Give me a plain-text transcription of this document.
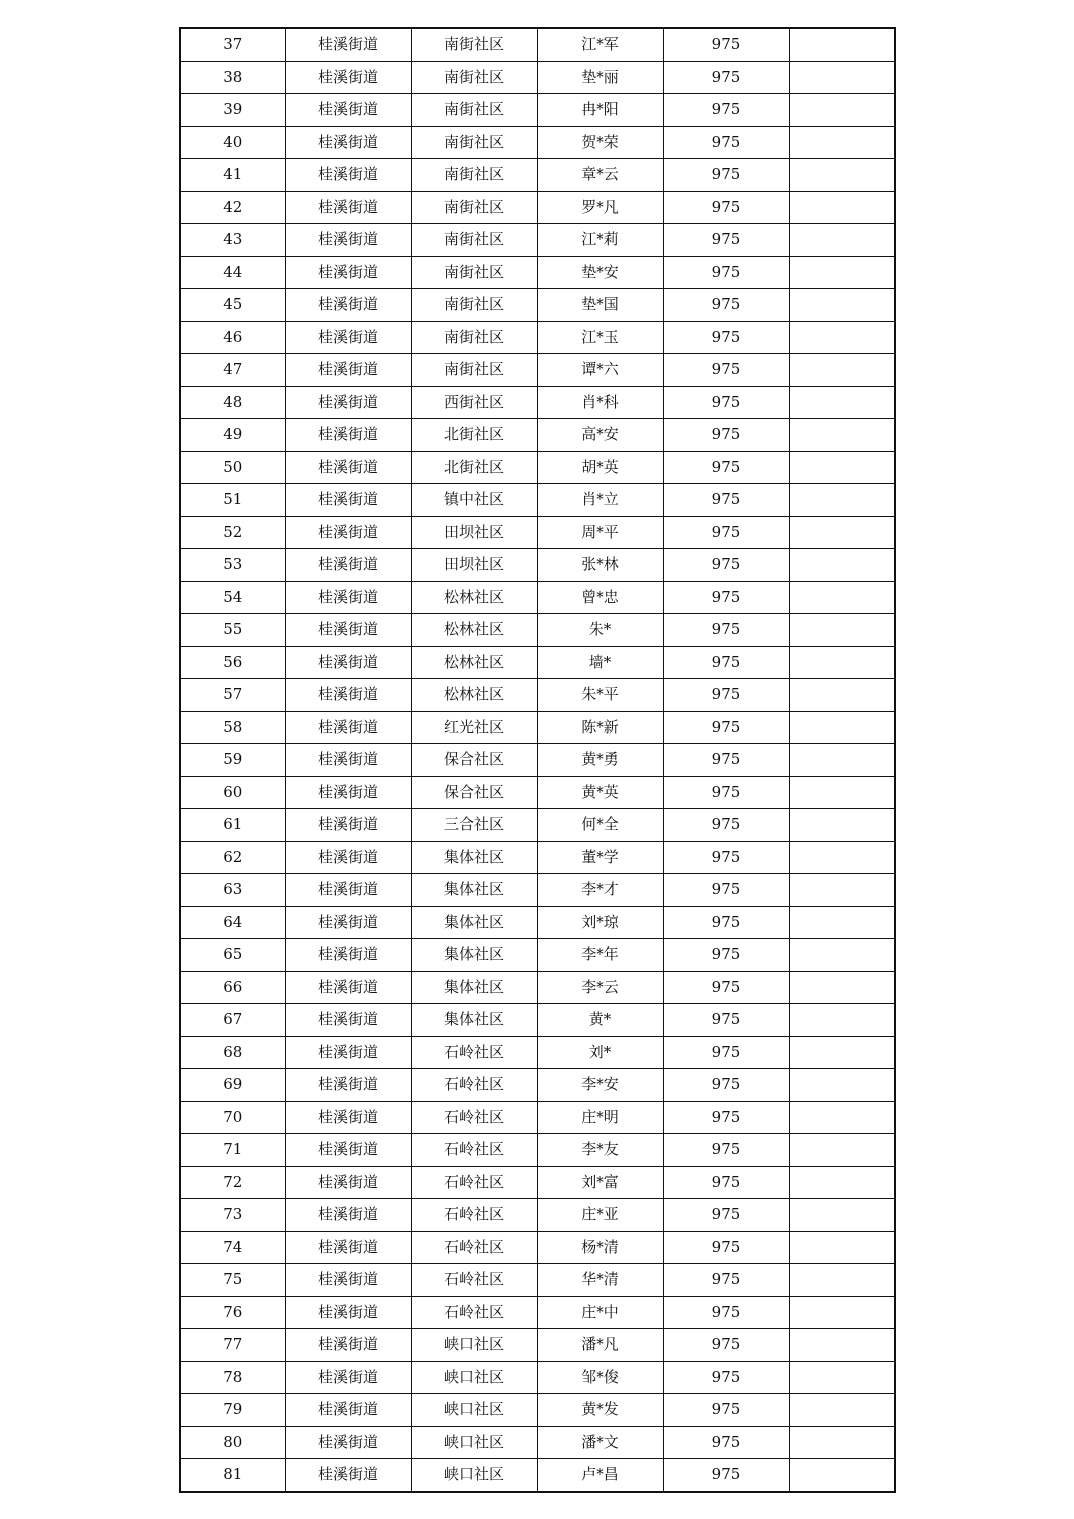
37	桂溪街道	南街社区	江*军	975	
38	桂溪街道	南街社区	垫*丽	975	
39	桂溪街道	南街社区	冉*阳	975	
40	桂溪街道	南街社区	贺*荣	975	
41	桂溪街道	南街社区	章*云	975	
42	桂溪街道	南街社区	罗*凡	975	
43	桂溪街道	南街社区	江*莉	975	
44	桂溪街道	南街社区	垫*安	975	
45	桂溪街道	南街社区	垫*国	975	
46	桂溪街道	南街社区	江*玉	975	
47	桂溪街道	南街社区	谭*六	975	
48	桂溪街道	西街社区	肖*科	975	
49	桂溪街道	北街社区	高*安	975	
50	桂溪街道	北街社区	胡*英	975	
51	桂溪街道	镇中社区	肖*立	975	
52	桂溪街道	田坝社区	周*平	975	
53	桂溪街道	田坝社区	张*林	975	
54	桂溪街道	松林社区	曾*忠	975	
55	桂溪街道	松林社区	朱*	975	
56	桂溪街道	松林社区	墙*	975	
57	桂溪街道	松林社区	朱*平	975	
58	桂溪街道	红光社区	陈*新	975	
59	桂溪街道	保合社区	黄*勇	975	
60	桂溪街道	保合社区	黄*英	975	
61	桂溪街道	三合社区	何*全	975	
62	桂溪街道	集体社区	董*学	975	
63	桂溪街道	集体社区	李*才	975	
64	桂溪街道	集体社区	刘*琼	975	
65	桂溪街道	集体社区	李*年	975	
66	桂溪街道	集体社区	李*云	975	
67	桂溪街道	集体社区	黄*	975	
68	桂溪街道	石岭社区	刘*	975	
69	桂溪街道	石岭社区	李*安	975	
70	桂溪街道	石岭社区	庄*明	975	
71	桂溪街道	石岭社区	李*友	975	
72	桂溪街道	石岭社区	刘*富	975	
73	桂溪街道	石岭社区	庄*亚	975	
74	桂溪街道	石岭社区	杨*清	975	
75	桂溪街道	石岭社区	华*清	975	
76	桂溪街道	石岭社区	庄*中	975	
77	桂溪街道	峡口社区	潘*凡	975	
78	桂溪街道	峡口社区	邹*俊	975	
79	桂溪街道	峡口社区	黄*发	975	
80	桂溪街道	峡口社区	潘*文	975	
81	桂溪街道	峡口社区	卢*昌	975	
